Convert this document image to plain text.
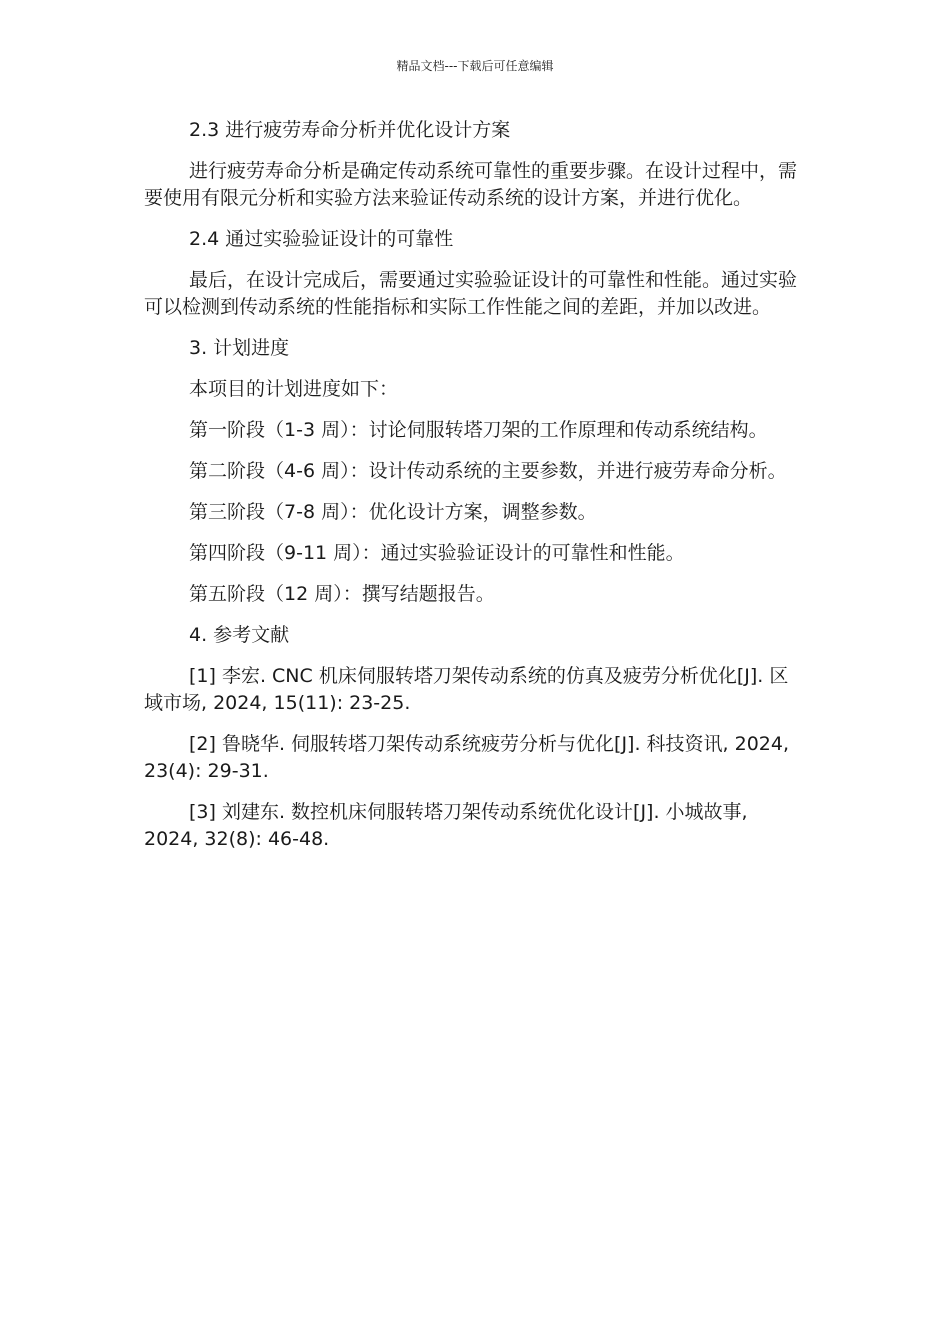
精品文档---下载后可任意编辑

2.3 进行疲劳寿命分析并优化设计方案

进行疲劳寿命分析是确定传动系统可靠性的重要步骤。在设计过程中，需要使用有限元分析和实验方法来验证传动系统的设计方案，并进行优化。

2.4 通过实验验证设计的可靠性

最后，在设计完成后，需要通过实验验证设计的可靠性和性能。通过实验可以检测到传动系统的性能指标和实际工作性能之间的差距，并加以改进。

3. 计划进度

本项目的计划进度如下：

第一阶段（1-3 周）：讨论伺服转塔刀架的工作原理和传动系统结构。

第二阶段（4-6 周）：设计传动系统的主要参数，并进行疲劳寿命分析。

第三阶段（7-8 周）：优化设计方案，调整参数。

第四阶段（9-11 周）：通过实验验证设计的可靠性和性能。

第五阶段（12 周）：撰写结题报告。

4. 参考文献

[1] 李宏. CNC 机床伺服转塔刀架传动系统的仿真及疲劳分析优化[J]. 区域市场, 2024, 15(11): 23-25.

[2] 鲁晓华. 伺服转塔刀架传动系统疲劳分析与优化[J]. 科技资讯, 2024, 23(4): 29-31.

[3] 刘建东. 数控机床伺服转塔刀架传动系统优化设计[J]. 小城故事, 2024, 32(8): 46-48.
